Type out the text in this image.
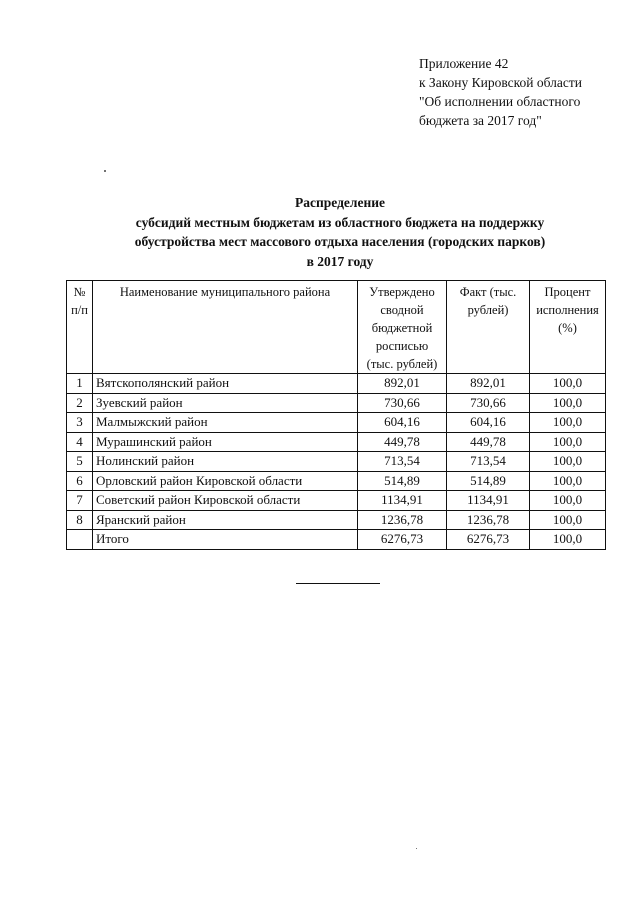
Приложение 42
к Закону Кировской области
"Об исполнении областного
бюджета за 2017 год"
Распределение
субсидий местным бюджетам из областного бюджета на поддержку
обустройства мест массового отдыха населения (городских парков)
в 2017 году
№ п/п	Наименование муниципального района	Утверждено сводной бюджетной росписью (тыс. рублей)	Факт (тыс. рублей)	Процент исполнения (%)
1	Вятскополянский район	892,01	892,01	100,0
2	Зуевский район	730,66	730,66	100,0
3	Малмыжский район	604,16	604,16	100,0
4	Мурашинский район	449,78	449,78	100,0
5	Нолинский район	713,54	713,54	100,0
6	Орловский район Кировской области	514,89	514,89	100,0
7	Советский район Кировской области	1134,91	1134,91	100,0
8	Яранский район	1236,78	1236,78	100,0
	Итого	6276,73	6276,73	100,0
